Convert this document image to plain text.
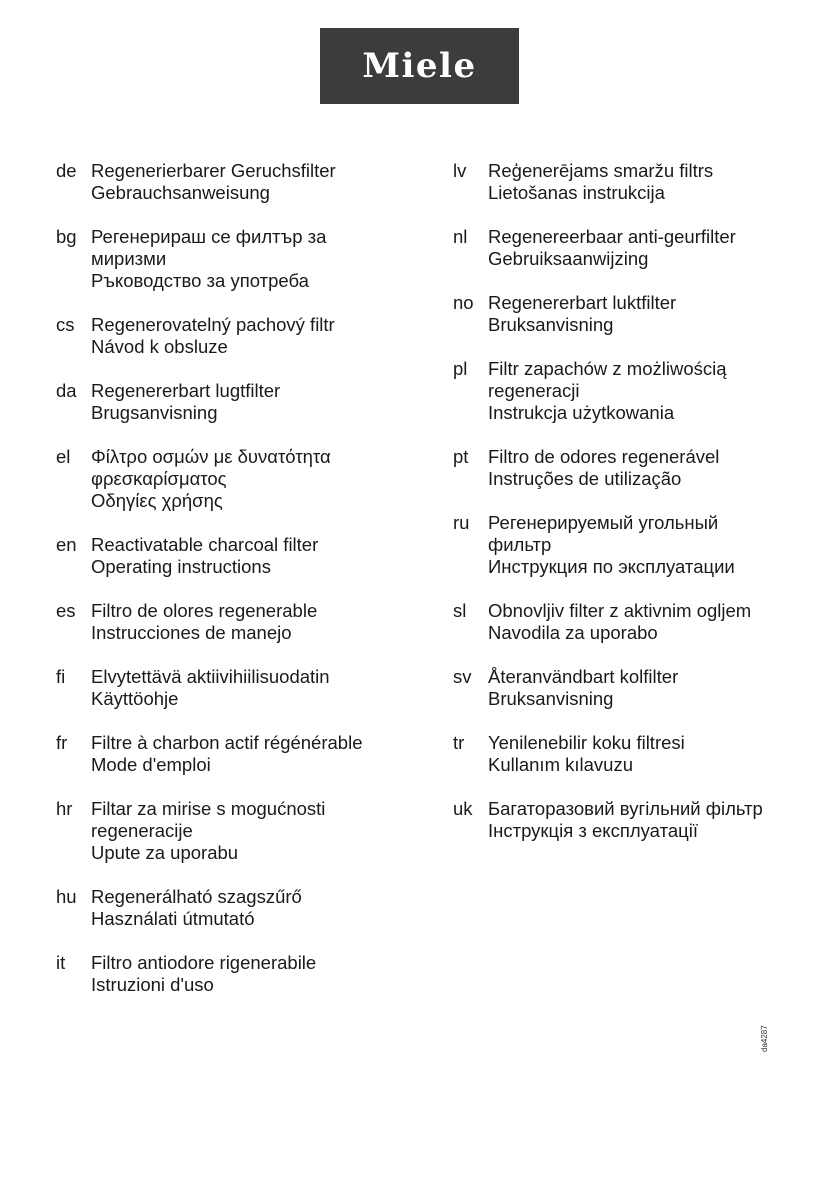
Miele
de Regenerierbarer Geruchsfilter
Gebrauchsanweisung
bg Регенерираш се филтър за
миризми
Ръководство за употреба
cs Regenerovatelný pachový filtr
Návod k obsluze
da Regenererbart lugtfilter
Brugsanvisning
el	Φίλτρο οσμών με δυνατότητα
φρεσκαρίσματος
Οδηγίες χρήσης
en Reactivatable charcoal filter
Operating instructions
es Filtro de olores regenerable
Instrucciones de manejo
fi	Elvytettävä aktiivihiilisuodatin
Käyttöohje
fr	Filtre à charbon actif régénérable
Mode d'emploi
hr	Filtar za mirise s mogućnosti
regeneracije
Upute za uporabu
hu Regenerálható szagszűrő
Használati útmutató
it	Filtro antiodore rigenerabile
Istruzioni d'uso
lv	Reģenerējams smaržu filtrs
Lietošanas instrukcija
nl	Regenereerbaar anti-geurfilter
Gebruiksaanwijzing
no Regenererbart luktfilter
Bruksanvisning
pl	Filtr zapachów z możliwością
regeneracji
Instrukcja użytkowania
pt	Filtro de odores regenerável
Instruções de utilização
ru	Регенерируемый угольный
фильтр
Инструкция по эксплуатации
sl	Obnovljiv filter z aktivnim ogljem
Navodila za uporabo
sv Återanvändbart kolfilter
Bruksanvisning
tr	Yenilenebilir koku filtresi
Kullanım kılavuzu
uk Багаторазовий вугільний фільтр
Інструкція з експлуатації
da4287
